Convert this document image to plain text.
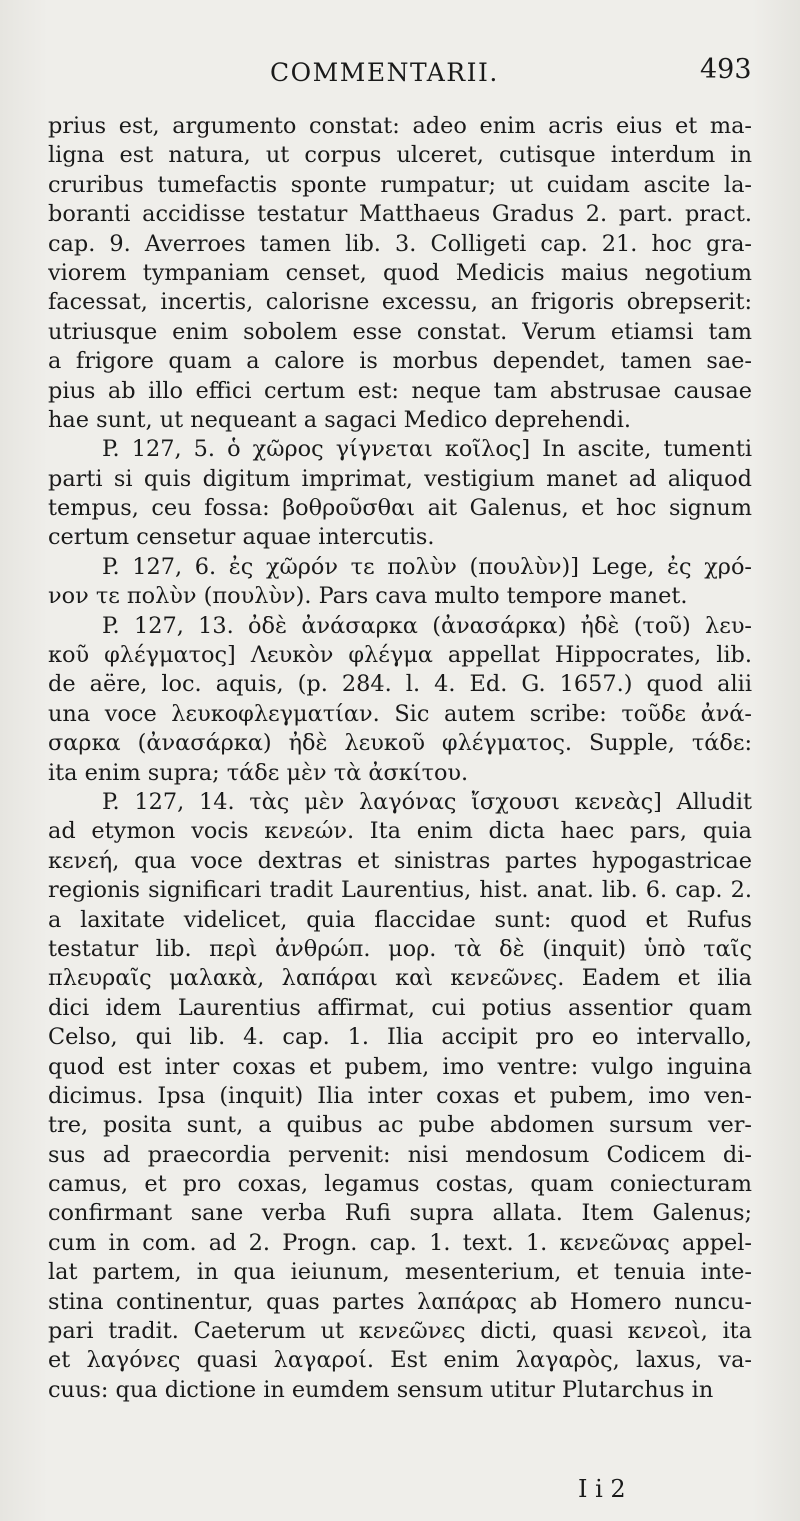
COMMENTARII.	493
prius est, argumento constat: adeo enim acris eius et ma-
ligna est natura, ut corpus ulceret, cutisque interdum in
cruribus tumefactis sponte rumpatur; ut cuidam ascite la-
boranti accidisse testatur Matthaeus Gradus 2. part. pract.
cap. 9. Averroes tamen lib. 3. Colligeti cap. 21. hoc gra-
viorem tympaniam censet, quod Medicis maius negotium
facessat, incertis, calorisne excessu, an frigoris obrepserit:
utriusque enim sobolem esse constat. Verum etiamsi tam
a frigore quam a calore is morbus dependet, tamen sae-
pius ab illo effici certum est: neque tam abstrusae causae
hae sunt, ut nequeant a sagaci Medico deprehendi.
P. 127, 5. ὁ χῶρος γίγνεται κοῖλος] In ascite, tumenti
parti si quis digitum imprimat, vestigium manet ad aliquod
tempus, ceu fossa: βοθροῦσθαι ait Galenus, et hoc signum
certum censetur aquae intercutis.
P. 127, 6. ἐς χῶρόν τε πολὺν (πουλὺν)] Lege, ἐς χρό-
νον τε πολὺν (πουλὺν). Pars cava multo tempore manet.
P. 127, 13. ὀδὲ ἀνάσαρκα (ἀνασάρκα) ἠδὲ (τοῦ) λευ-
κοῦ φλέγματος] Λευκὸν φλέγμα appellat Hippocrates, lib.
de aëre, loc. aquis, (p. 284. l. 4. Ed. G. 1657.) quod alii
una voce λευκοφλεγματίαν. Sic autem scribe: τοῦδε ἀνά-
σαρκα (ἀνασάρκα) ἠδὲ λευκοῦ φλέγματος. Supple, τάδε:
ita enim supra; τάδε μὲν τὰ ἀσκίτου.
P. 127, 14. τὰς μὲν λαγόνας ἴσχουσι κενεὰς] Alludit
ad etymon vocis κενεών. Ita enim dicta haec pars, quia
κενεή, qua voce dextras et sinistras partes hypogastricae
regionis significari tradit Laurentius, hist. anat. lib. 6. cap. 2.
a laxitate videlicet, quia flaccidae sunt: quod et Rufus
testatur lib. περὶ ἀνθρώπ. μορ. τὰ δὲ (inquit) ὑπὸ ταῖς
πλευραῖς μαλακὰ, λαπάραι καὶ κενεῶνες. Eadem et ilia
dici idem Laurentius affirmat, cui potius assentior quam
Celso, qui lib. 4. cap. 1. Ilia accipit pro eo intervallo,
quod est inter coxas et pubem, imo ventre: vulgo inguina
dicimus. Ipsa (inquit) Ilia inter coxas et pubem, imo ven-
tre, posita sunt, a quibus ac pube abdomen sursum ver-
sus ad praecordia pervenit: nisi mendosum Codicem di-
camus, et pro coxas, legamus costas, quam coniecturam
confirmant sane verba Rufi supra allata. Item Galenus;
cum in com. ad 2. Progn. cap. 1. text. 1. κενεῶνας appel-
lat partem, in qua ieiunum, mesenterium, et tenuia inte-
stina continentur, quas partes λαπάρας ab Homero nuncu-
pari tradit. Caeterum ut κενεῶνες dicti, quasi κενεοὶ, ita
et λαγόνες quasi λαγαροί. Est enim λαγαρὸς, laxus, va-
cuus: qua dictione in eumdem sensum utitur Plutarchus in
I i 2
